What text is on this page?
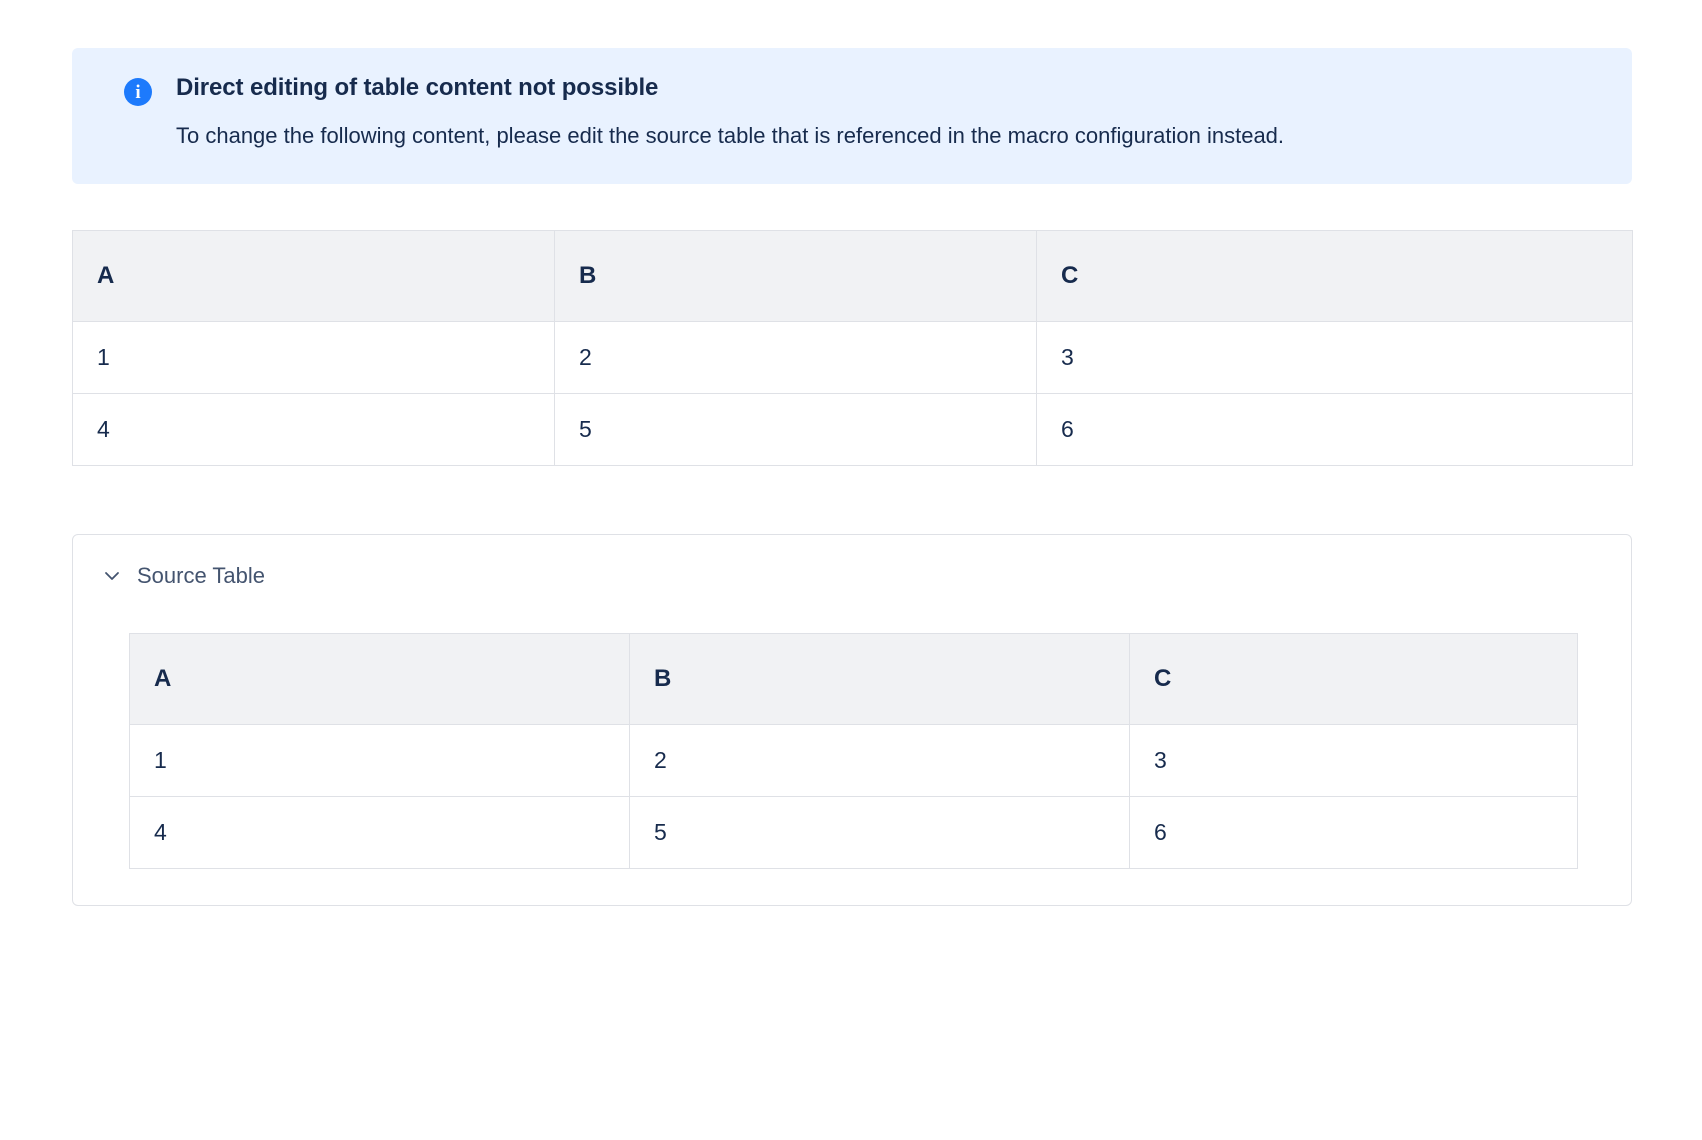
i	Direct editing of table content not possible
To change the following content, please edit the source table that is referenced in the macro configuration instead.
A	B	C
1	2	3
4	5	6
Source Table
A	B	C
1	2	3
4	5	6
